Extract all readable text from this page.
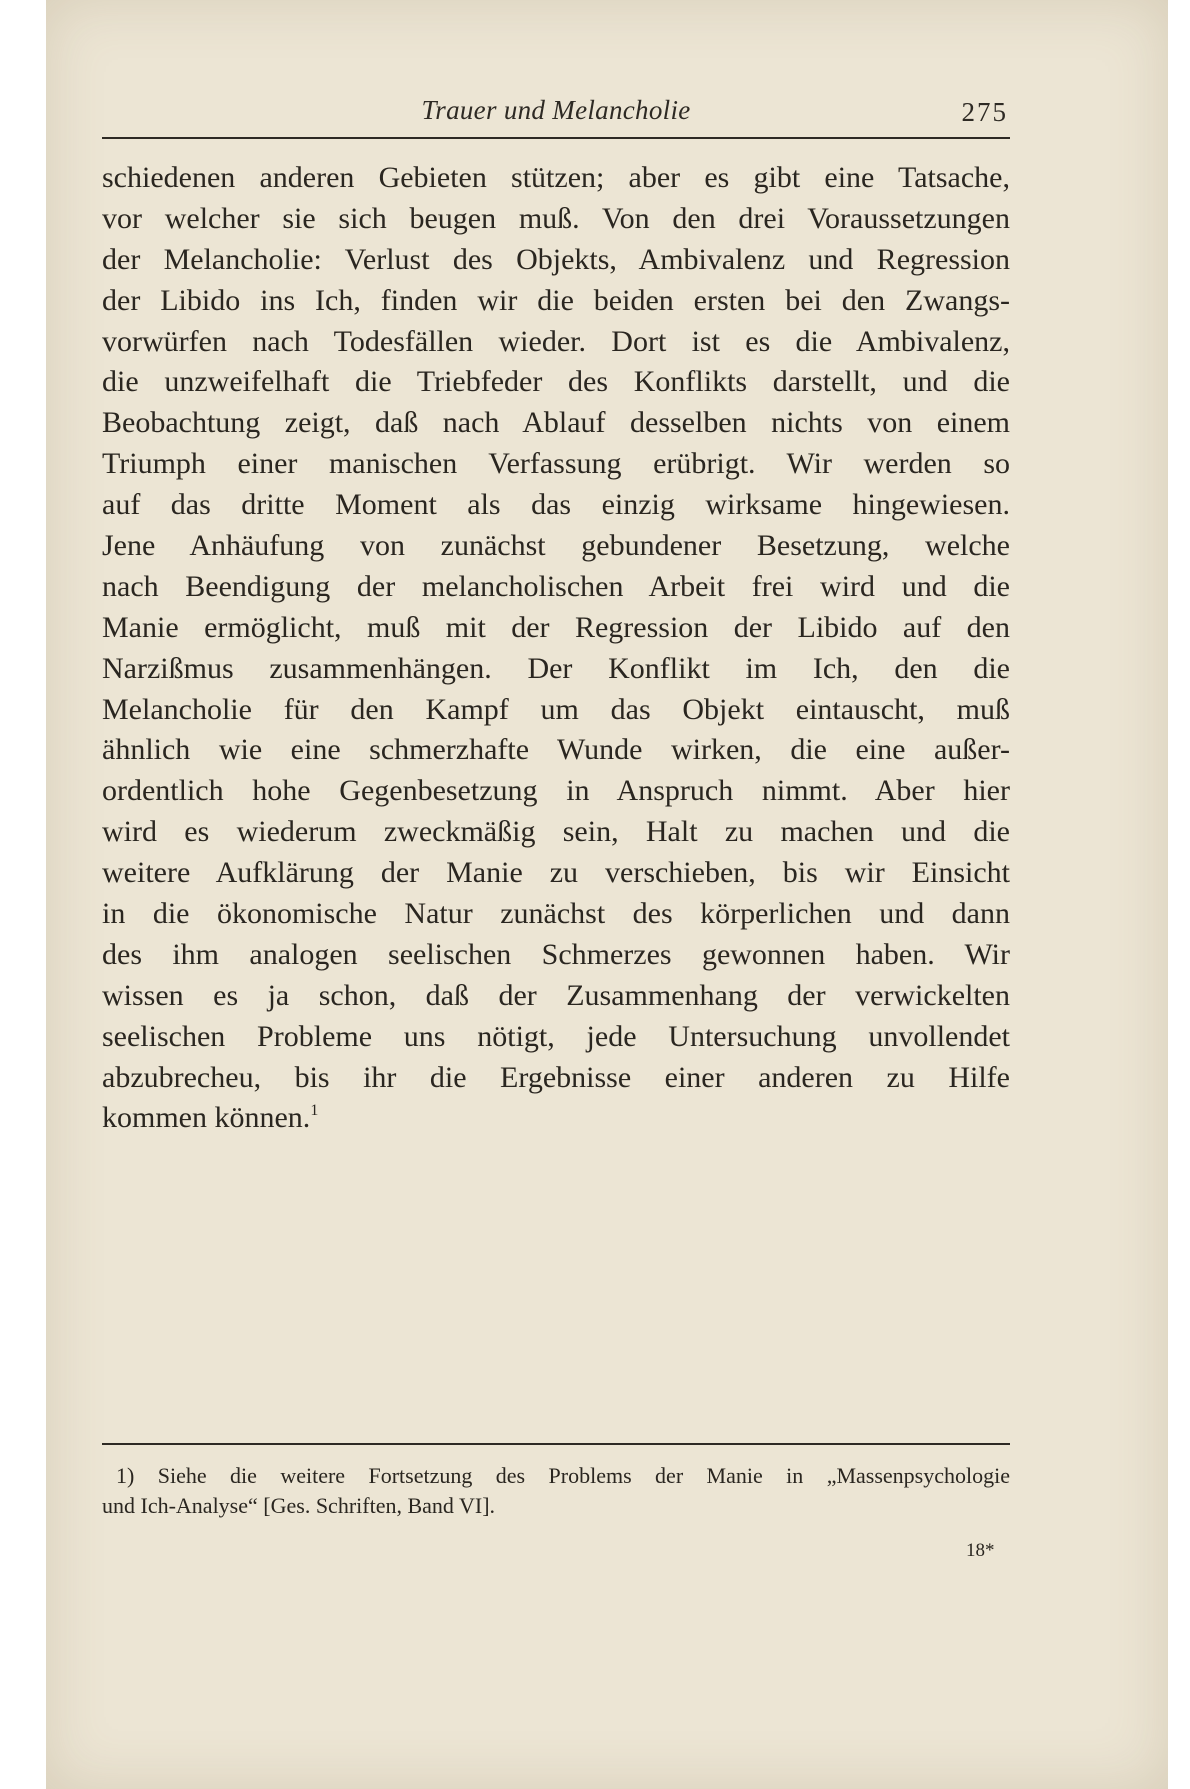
Trauer und Melancholie	275
schiedenen anderen Gebieten stützen; aber es gibt eine Tatsache,
vor welcher sie sich beugen muß. Von den drei Voraussetzungen
der Melancholie: Verlust des Objekts, Ambivalenz und Regression
der Libido ins Ich, finden wir die beiden ersten bei den Zwangs-
vorwürfen nach Todesfällen wieder. Dort ist es die Ambivalenz,
die unzweifelhaft die Triebfeder des Konflikts darstellt, und die
Beobachtung zeigt, daß nach Ablauf desselben nichts von einem
Triumph einer manischen Verfassung erübrigt. Wir werden so
auf das dritte Moment als das einzig wirksame hingewiesen.
Jene Anhäufung von zunächst gebundener Besetzung, welche
nach Beendigung der melancholischen Arbeit frei wird und die
Manie ermöglicht, muß mit der Regression der Libido auf den
Narzißmus zusammenhängen. Der Konflikt im Ich, den die
Melancholie für den Kampf um das Objekt eintauscht, muß
ähnlich wie eine schmerzhafte Wunde wirken, die eine außer-
ordentlich hohe Gegenbesetzung in Anspruch nimmt. Aber hier
wird es wiederum zweckmäßig sein, Halt zu machen und die
weitere Aufklärung der Manie zu verschieben, bis wir Einsicht
in die ökonomische Natur zunächst des körperlichen und dann
des ihm analogen seelischen Schmerzes gewonnen haben. Wir
wissen es ja schon, daß der Zusammenhang der verwickelten
seelischen Probleme uns nötigt, jede Untersuchung unvollendet
abzubrecheu, bis ihr die Ergebnisse einer anderen zu Hilfe
kommen können.$^1$
1) Siehe die weitere Fortsetzung des Problems der Manie in „Massenpsychologie
und Ich-Analyse“ [Ges. Schriften, Band VI].
18*
